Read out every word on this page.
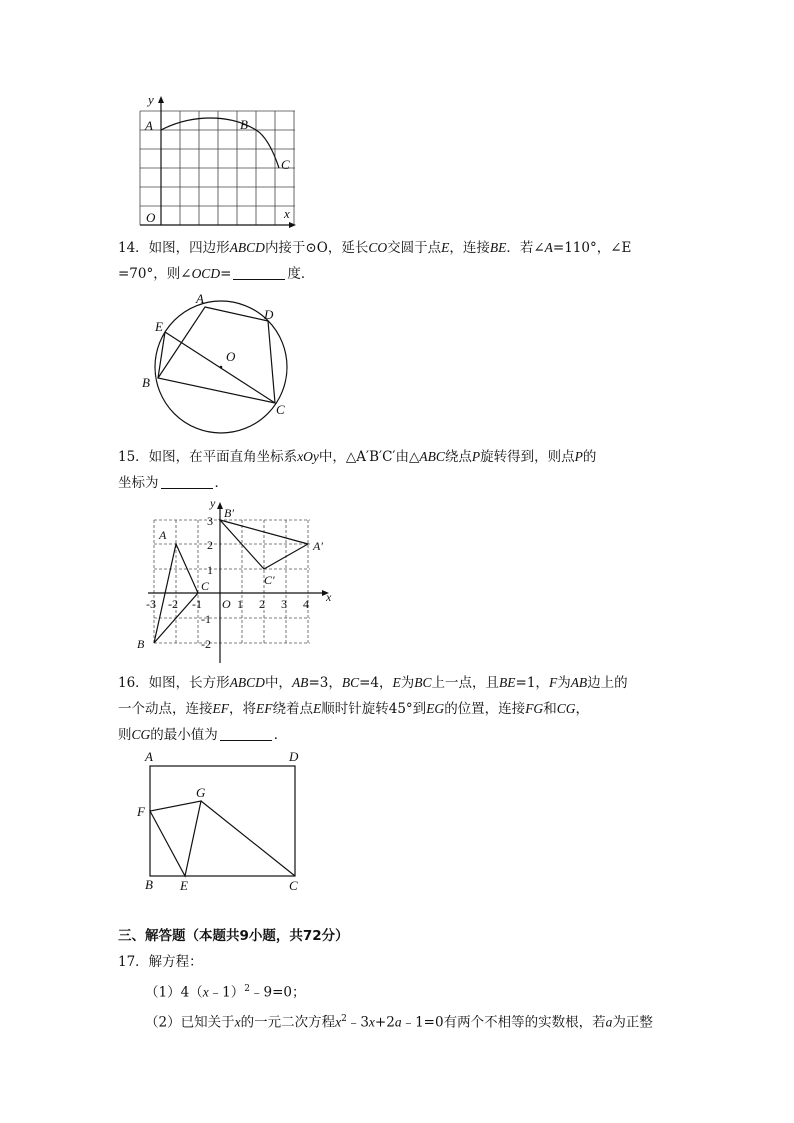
y
A	B
C
O	x
14．如图，四边形ABCD内接于⊙O，延长CO交圆于点E，连接BE．若∠A=110°，∠E
=70°，则∠OCD=	度．
A
D
E
O
B
C
15．如图，在平面直角坐标系xOy中，△A′B′C′由△ABC绕点P旋转得到，则点P的
坐标为	．
y
x
A
B
C
A′
B′
C′
O
-3 -2 -1	1 2 3 4
3
2
1
-1
-2
16．如图，长方形ABCD中，AB=3，BC=4，E为BC上一点，且BE=1，F为AB边上的
一个动点，连接EF，将EF绕着点E顺时针旋转45°到EG的位置，连接FG和CG，
则CG的最小值为	．
A	D
G
F
B E	C
三、解答题（本题共9小题，共72分）
17．解方程：
（1）4（x﹣1）$^2$﹣9=0；
（2）已知关于x的一元二次方程$x^2﹣3x+2a﹣1=0$有两个不相等的实数根，若a为正整
